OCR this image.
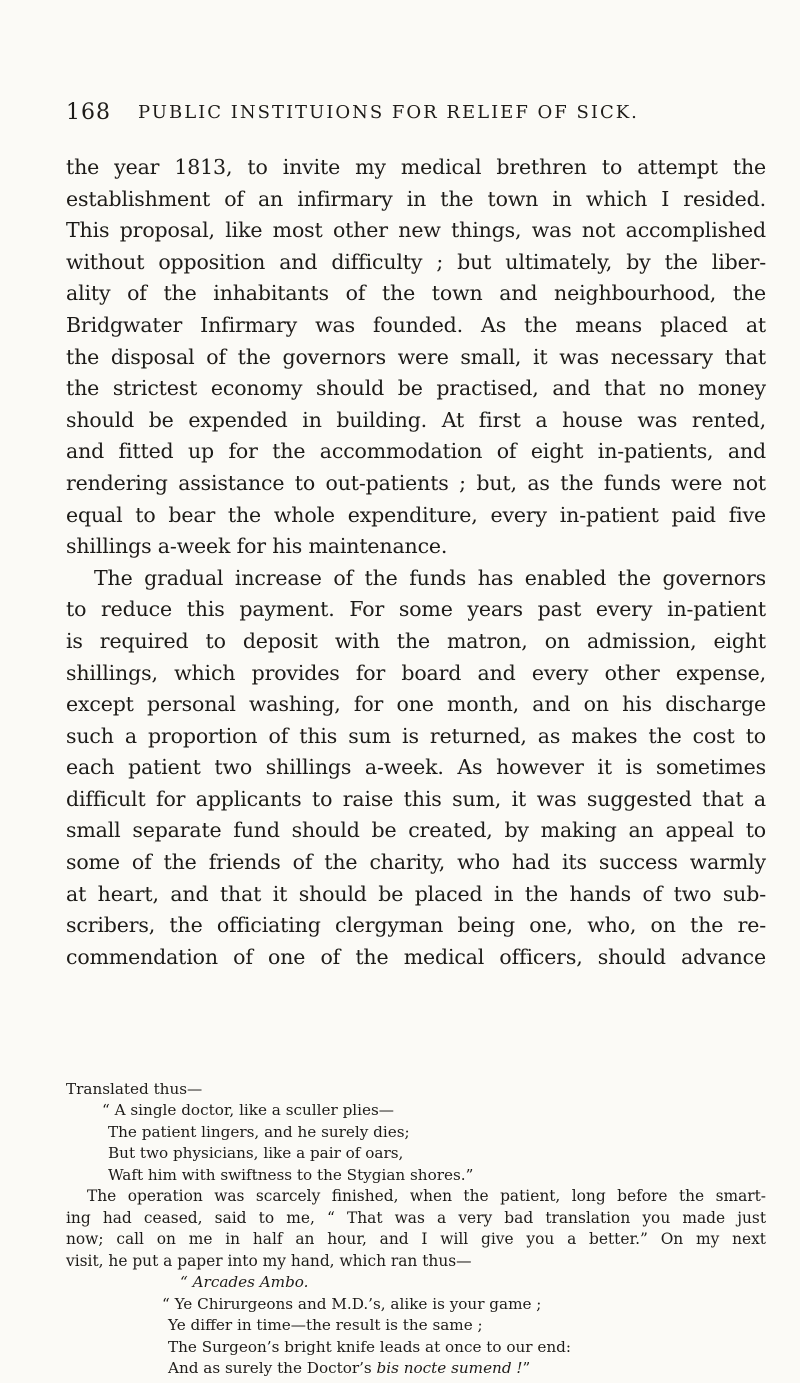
168 PUBLIC INSTITUIONS FOR RELIEF OF SICK.

the year 1813, to invite my medical brethren to attempt the

establishment of an infirmary in the town in which I resided.

This proposal, like most other new things, was not accomplished

without opposition and difficulty ; but ultimately, by the liber-

ality of the inhabitants of the town and neighbourhood, the

Bridgwater Infirmary was founded. As the means placed at

the disposal of the governors were small, it was necessary that

the strictest economy should be practised, and that no money

should be expended in building. At first a house was rented,

and fitted up for the accommodation of eight in-patients, and

rendering assistance to out-patients ; but, as the funds were not

equal to bear the whole expenditure, every in-patient paid five

shillings a-week for his maintenance.

The gradual increase of the funds has enabled the governors

to reduce this payment. For some years past every in-patient

is required to deposit with the matron, on admission, eight

shillings, which provides for board and every other expense,

except personal washing, for one month, and on his discharge

such a proportion of this sum is returned, as makes the cost to

each patient two shillings a-week. As however it is sometimes

difficult for applicants to raise this sum, it was suggested that a

small separate fund should be created, by making an appeal to

some of the friends of the charity, who had its success warmly

at heart, and that it should be placed in the hands of two sub-

scribers, the officiating clergyman being one, who, on the re-

commendation of one of the medical officers, should advance

Translated thus—

“ A single doctor, like a sculler plies—

The patient lingers, and he surely dies;

But two physicians, like a pair of oars,

Waft him with swiftness to the Stygian shores.”

The operation was scarcely finished, when the patient, long before the smart-

ing had ceased, said to me, “ That was a very bad translation you made just

now; call on me in half an hour, and I will give you a better.” On my next

visit, he put a paper into my hand, which ran thus—

“ Arcades Ambo.

“ Ye Chirurgeons and M.D.’s, alike is your game ;

Ye differ in time—the result is the same ;

The Surgeon’s bright knife leads at once to our end:

And as surely the Doctor’s bis nocte sumend !”
